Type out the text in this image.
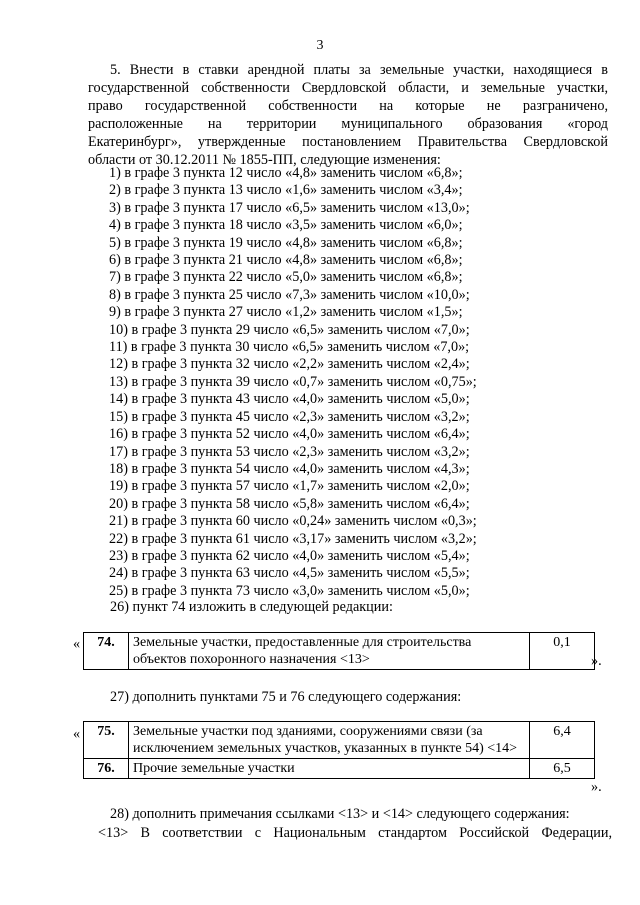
3
5. Внести в ставки арендной платы за земельные участки, находящиеся в
государственной собственности Свердловской области, и земельные участки,
право государственной собственности на которые не разграничено,
расположенные на территории муниципального образования «город
Екатеринбург», утвержденные постановлением Правительства Свердловской
области от 30.12.2011 № 1855-ПП, следующие изменения:
1) в графе 3 пункта 12 число «4,8» заменить числом «6,8»;
2) в графе 3 пункта 13 число «1,6» заменить числом «3,4»;
3) в графе 3 пункта 17 число «6,5» заменить числом «13,0»;
4) в графе 3 пункта 18 число «3,5» заменить числом «6,0»;
5) в графе 3 пункта 19 число «4,8» заменить числом «6,8»;
6) в графе 3 пункта 21 число «4,8» заменить числом «6,8»;
7) в графе 3 пункта 22 число «5,0» заменить числом «6,8»;
8) в графе 3 пункта 25 число «7,3» заменить числом «10,0»;
9) в графе 3 пункта 27 число «1,2» заменить числом «1,5»;
10) в графе 3 пункта 29 число «6,5» заменить числом «7,0»;
11) в графе 3 пункта 30 число «6,5» заменить числом «7,0»;
12) в графе 3 пункта 32 число «2,2» заменить числом «2,4»;
13) в графе 3 пункта 39 число «0,7» заменить числом «0,75»;
14) в графе 3 пункта 43 число «4,0» заменить числом «5,0»;
15) в графе 3 пункта 45 число «2,3» заменить числом «3,2»;
16) в графе 3 пункта 52 число «4,0» заменить числом «6,4»;
17) в графе 3 пункта 53 число «2,3» заменить числом «3,2»;
18) в графе 3 пункта 54 число «4,0» заменить числом «4,3»;
19) в графе 3 пункта 57 число «1,7» заменить числом «2,0»;
20) в графе 3 пункта 58 число «5,8» заменить числом «6,4»;
21) в графе 3 пункта 60 число «0,24» заменить числом «0,3»;
22) в графе 3 пункта 61 число «3,17» заменить числом «3,2»;
23) в графе 3 пункта 62 число «4,0» заменить числом «5,4»;
24) в графе 3 пункта 63 число «4,5» заменить числом «5,5»;
25) в графе 3 пункта 73 число «3,0» заменить числом «5,0»;
26) пункт 74 изложить в следующей редакции:
« 74.	Земельные участки, предоставленные для строительства объектов похоронного назначения <13>	0,1
».
27) дополнить пунктами 75 и 76 следующего содержания:
« 75.	Земельные участки под зданиями, сооружениями связи (за исключением земельных участков, указанных в пункте 54) <14>	6,4
76.	Прочие земельные участки	6,5
».
28) дополнить примечания ссылками <13> и <14> следующего содержания:
<13> В соответствии с Национальным стандартом Российской Федерации,
